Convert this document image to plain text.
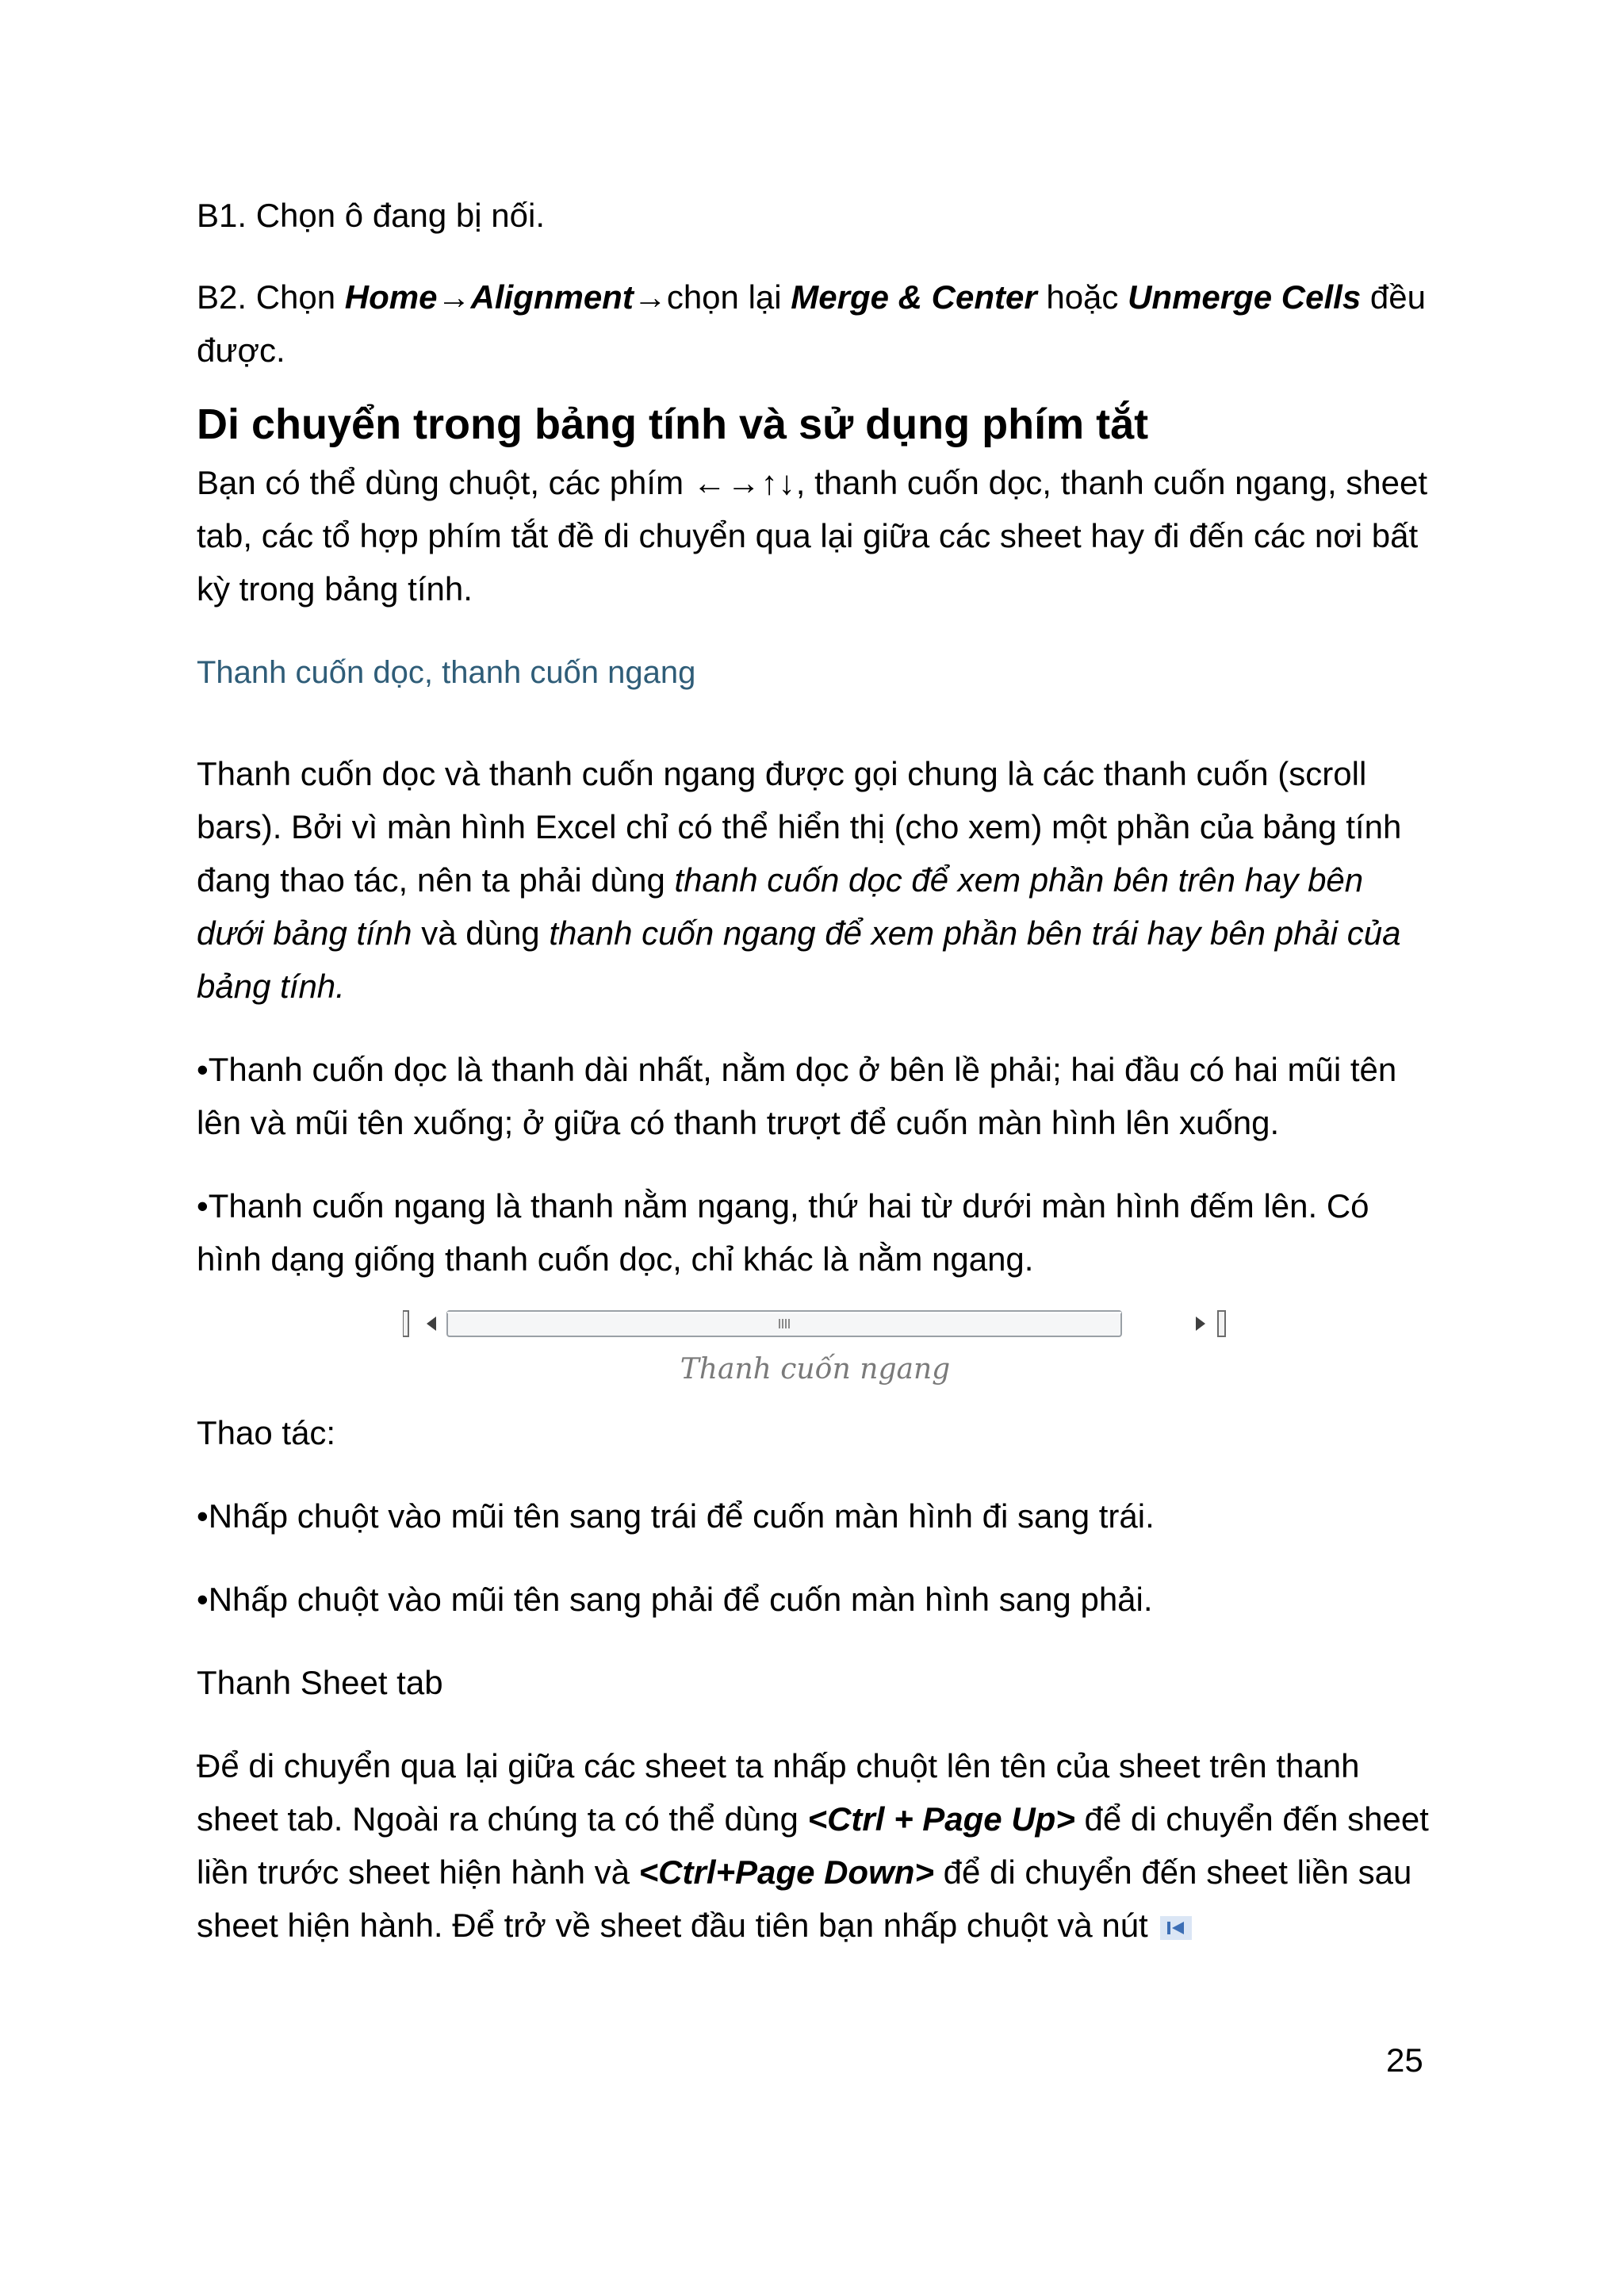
B1. Chọn ô đang bị nối.

B2. Chọn Home→Alignment→chọn lại Merge & Center hoặc Unmerge Cells đều được.

Di chuyển trong bảng tính và sử dụng phím tắt

Bạn có thể dùng chuột, các phím ←→↑↓, thanh cuốn dọc, thanh cuốn ngang, sheet tab, các tổ hợp phím tắt đề di chuyển qua lại giữa các sheet hay đi đến các nơi bất kỳ trong bảng tính.

Thanh cuốn dọc, thanh cuốn ngang

Thanh cuốn dọc và thanh cuốn ngang được gọi chung là các thanh cuốn (scroll bars). Bởi vì màn hình Excel chỉ có thể hiển thị (cho xem) một phần của bảng tính đang thao tác, nên ta phải dùng thanh cuốn dọc để xem phần bên trên hay bên dưới bảng tính và dùng thanh cuốn ngang để xem phần bên trái hay bên phải của bảng tính.

•Thanh cuốn dọc là thanh dài nhất, nằm dọc ở bên lề phải; hai đầu có hai mũi tên lên và mũi tên xuống; ở giữa có thanh trượt để cuốn màn hình lên xuống.

•Thanh cuốn ngang là thanh nằm ngang, thứ hai từ dưới màn hình đếm lên. Có hình dạng giống thanh cuốn dọc, chỉ khác là nằm ngang.

Thanh cuốn ngang

Thao tác:

•Nhấp chuột vào mũi tên sang trái để cuốn màn hình đi sang trái.

•Nhấp chuột vào mũi tên sang phải để cuốn màn hình sang phải.

Thanh Sheet tab

Để di chuyển qua lại giữa các sheet ta nhấp chuột lên tên của sheet trên thanh sheet tab. Ngoài ra chúng ta có thể dùng <Ctrl + Page Up> để di chuyển đến sheet liền trước sheet hiện hành và <Ctrl+Page Down> để di chuyển đến sheet liền sau sheet hiện hành. Để trở về sheet đầu tiên bạn nhấp chuột và nút

25
